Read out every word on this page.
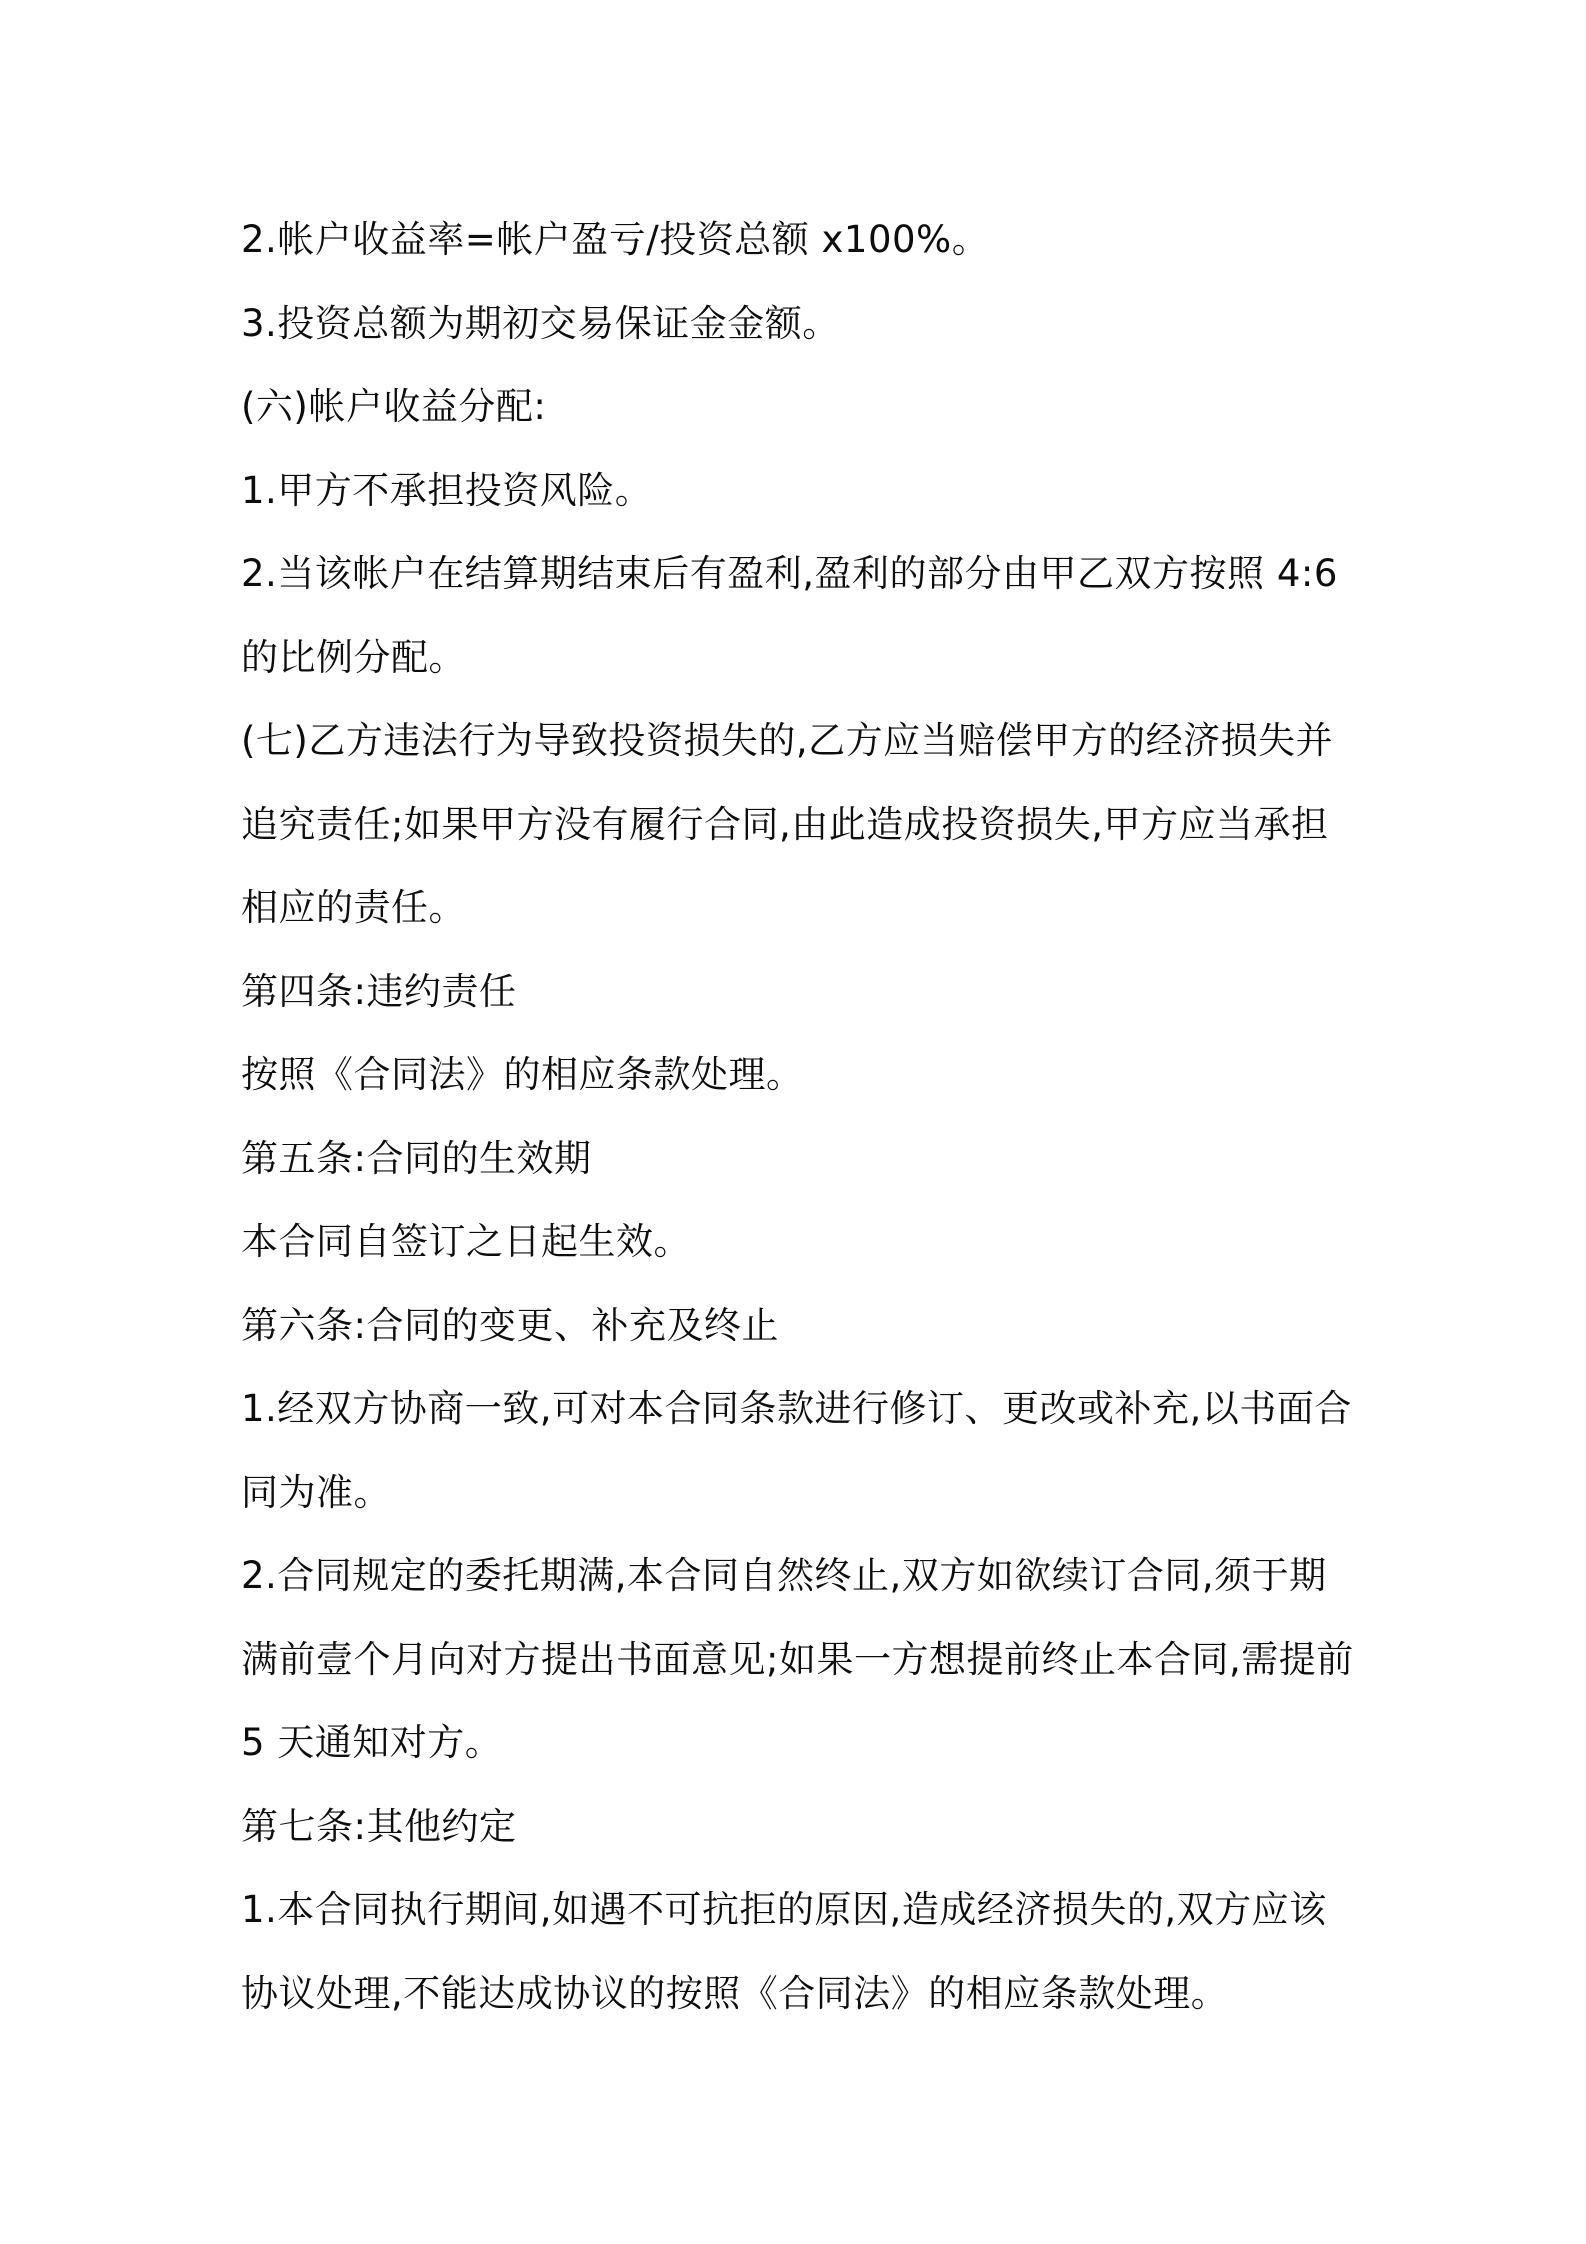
2.帐户收益率=帐户盈亏/投资总额 x100%。
3.投资总额为期初交易保证金金额。
(六)帐户收益分配:
1.甲方不承担投资风险。
2.当该帐户在结算期结束后有盈利,盈利的部分由甲乙双方按照 4:6
的比例分配。
(七)乙方违法行为导致投资损失的,乙方应当赔偿甲方的经济损失并
追究责任;如果甲方没有履行合同,由此造成投资损失,甲方应当承担
相应的责任。
第四条:违约责任
按照《合同法》的相应条款处理。
第五条:合同的生效期
本合同自签订之日起生效。
第六条:合同的变更、补充及终止
1.经双方协商一致,可对本合同条款进行修订、更改或补充,以书面合
同为准。
2.合同规定的委托期满,本合同自然终止,双方如欲续订合同,须于期
满前壹个月向对方提出书面意见;如果一方想提前终止本合同,需提前
5 天通知对方。
第七条:其他约定
1.本合同执行期间,如遇不可抗拒的原因,造成经济损失的,双方应该
协议处理,不能达成协议的按照《合同法》的相应条款处理。
